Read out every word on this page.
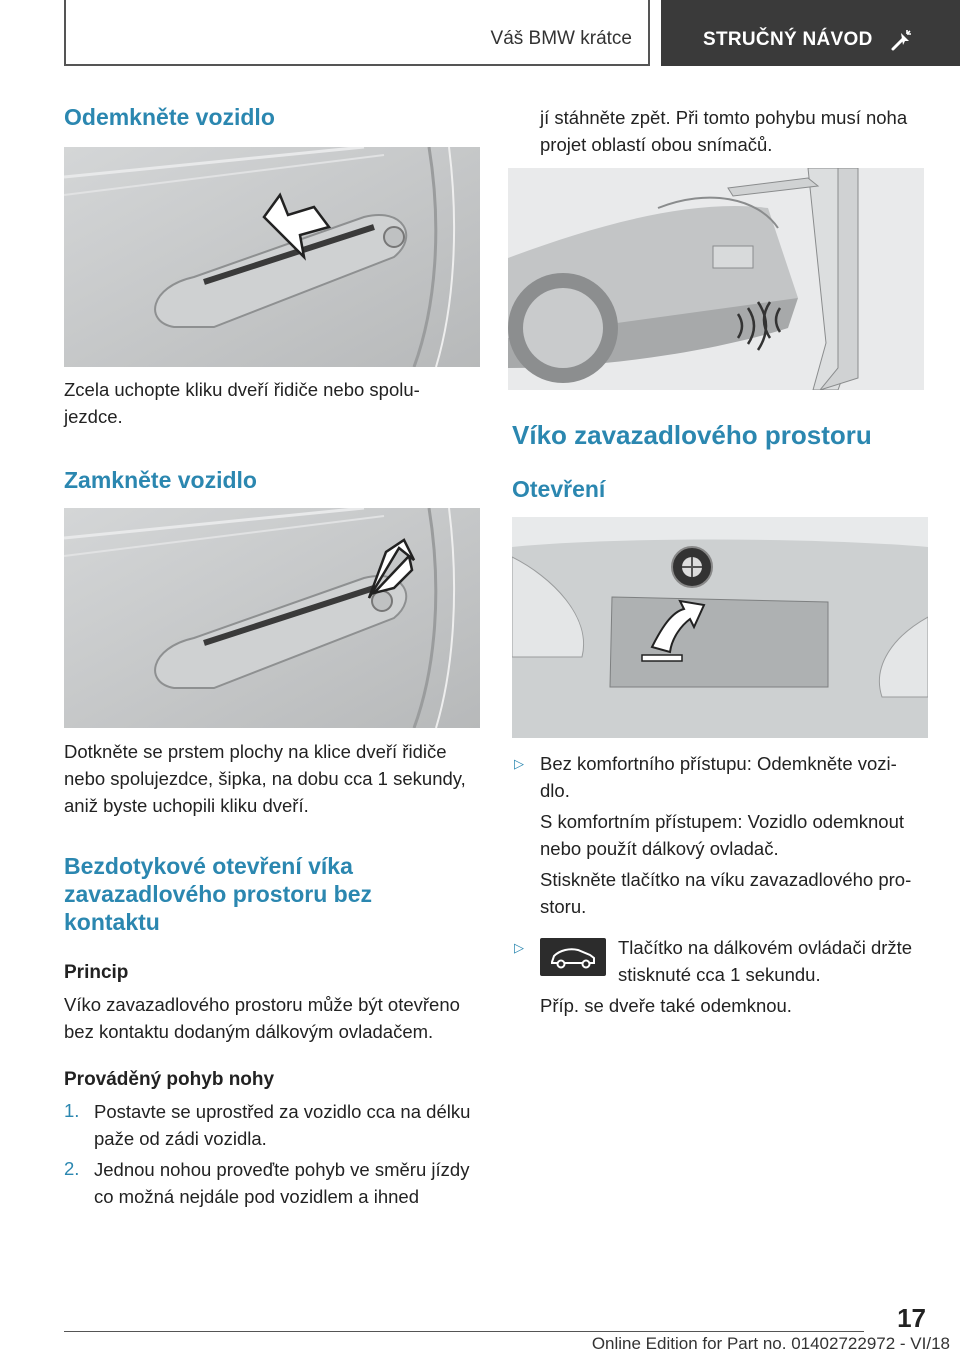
Váš BMW krátce	STRUČNÝ NÁVOD
Odemkněte vozidlo
Zcela uchopte kliku dveří řidiče nebo spolu-
jezdce.
Zamkněte vozidlo
Dotkněte se prstem plochy na klice dveří řidiče nebo spolujezdce, šipka, na dobu cca 1 sekundy, aniž byste uchopili kliku dveří.
Bezdotykové otevření víka zavazadlového prostoru bez kontaktu
Princip
Víko zavazadlového prostoru může být otevřeno bez kontaktu dodaným dálkovým ovladačem.
Prováděný pohyb nohy
1. Postavte se uprostřed za vozidlo cca na délku paže od zádi vozidla.
2. Jednou nohou proveďte pohyb ve směru jízdy co možná nejdále pod vozidlem a ihned
jí stáhněte zpět. Při tomto pohybu musí noha projet oblastí obou snímačů.
Víko zavazadlového prostoru
Otevření
▷ Bez komfortního přístupu: Odemkněte vozi-
dlo.
S komfortním přístupem: Vozidlo odemknout nebo použít dálkový ovladač.
Stiskněte tlačítko na víku zavazadlového pro-
storu.
▷	Tlačítko na dálkovém ovládači držte stisknuté cca 1 sekundu.
Příp. se dveře také odemknou.
17
Online Edition for Part no. 01402722972 - VI/18
